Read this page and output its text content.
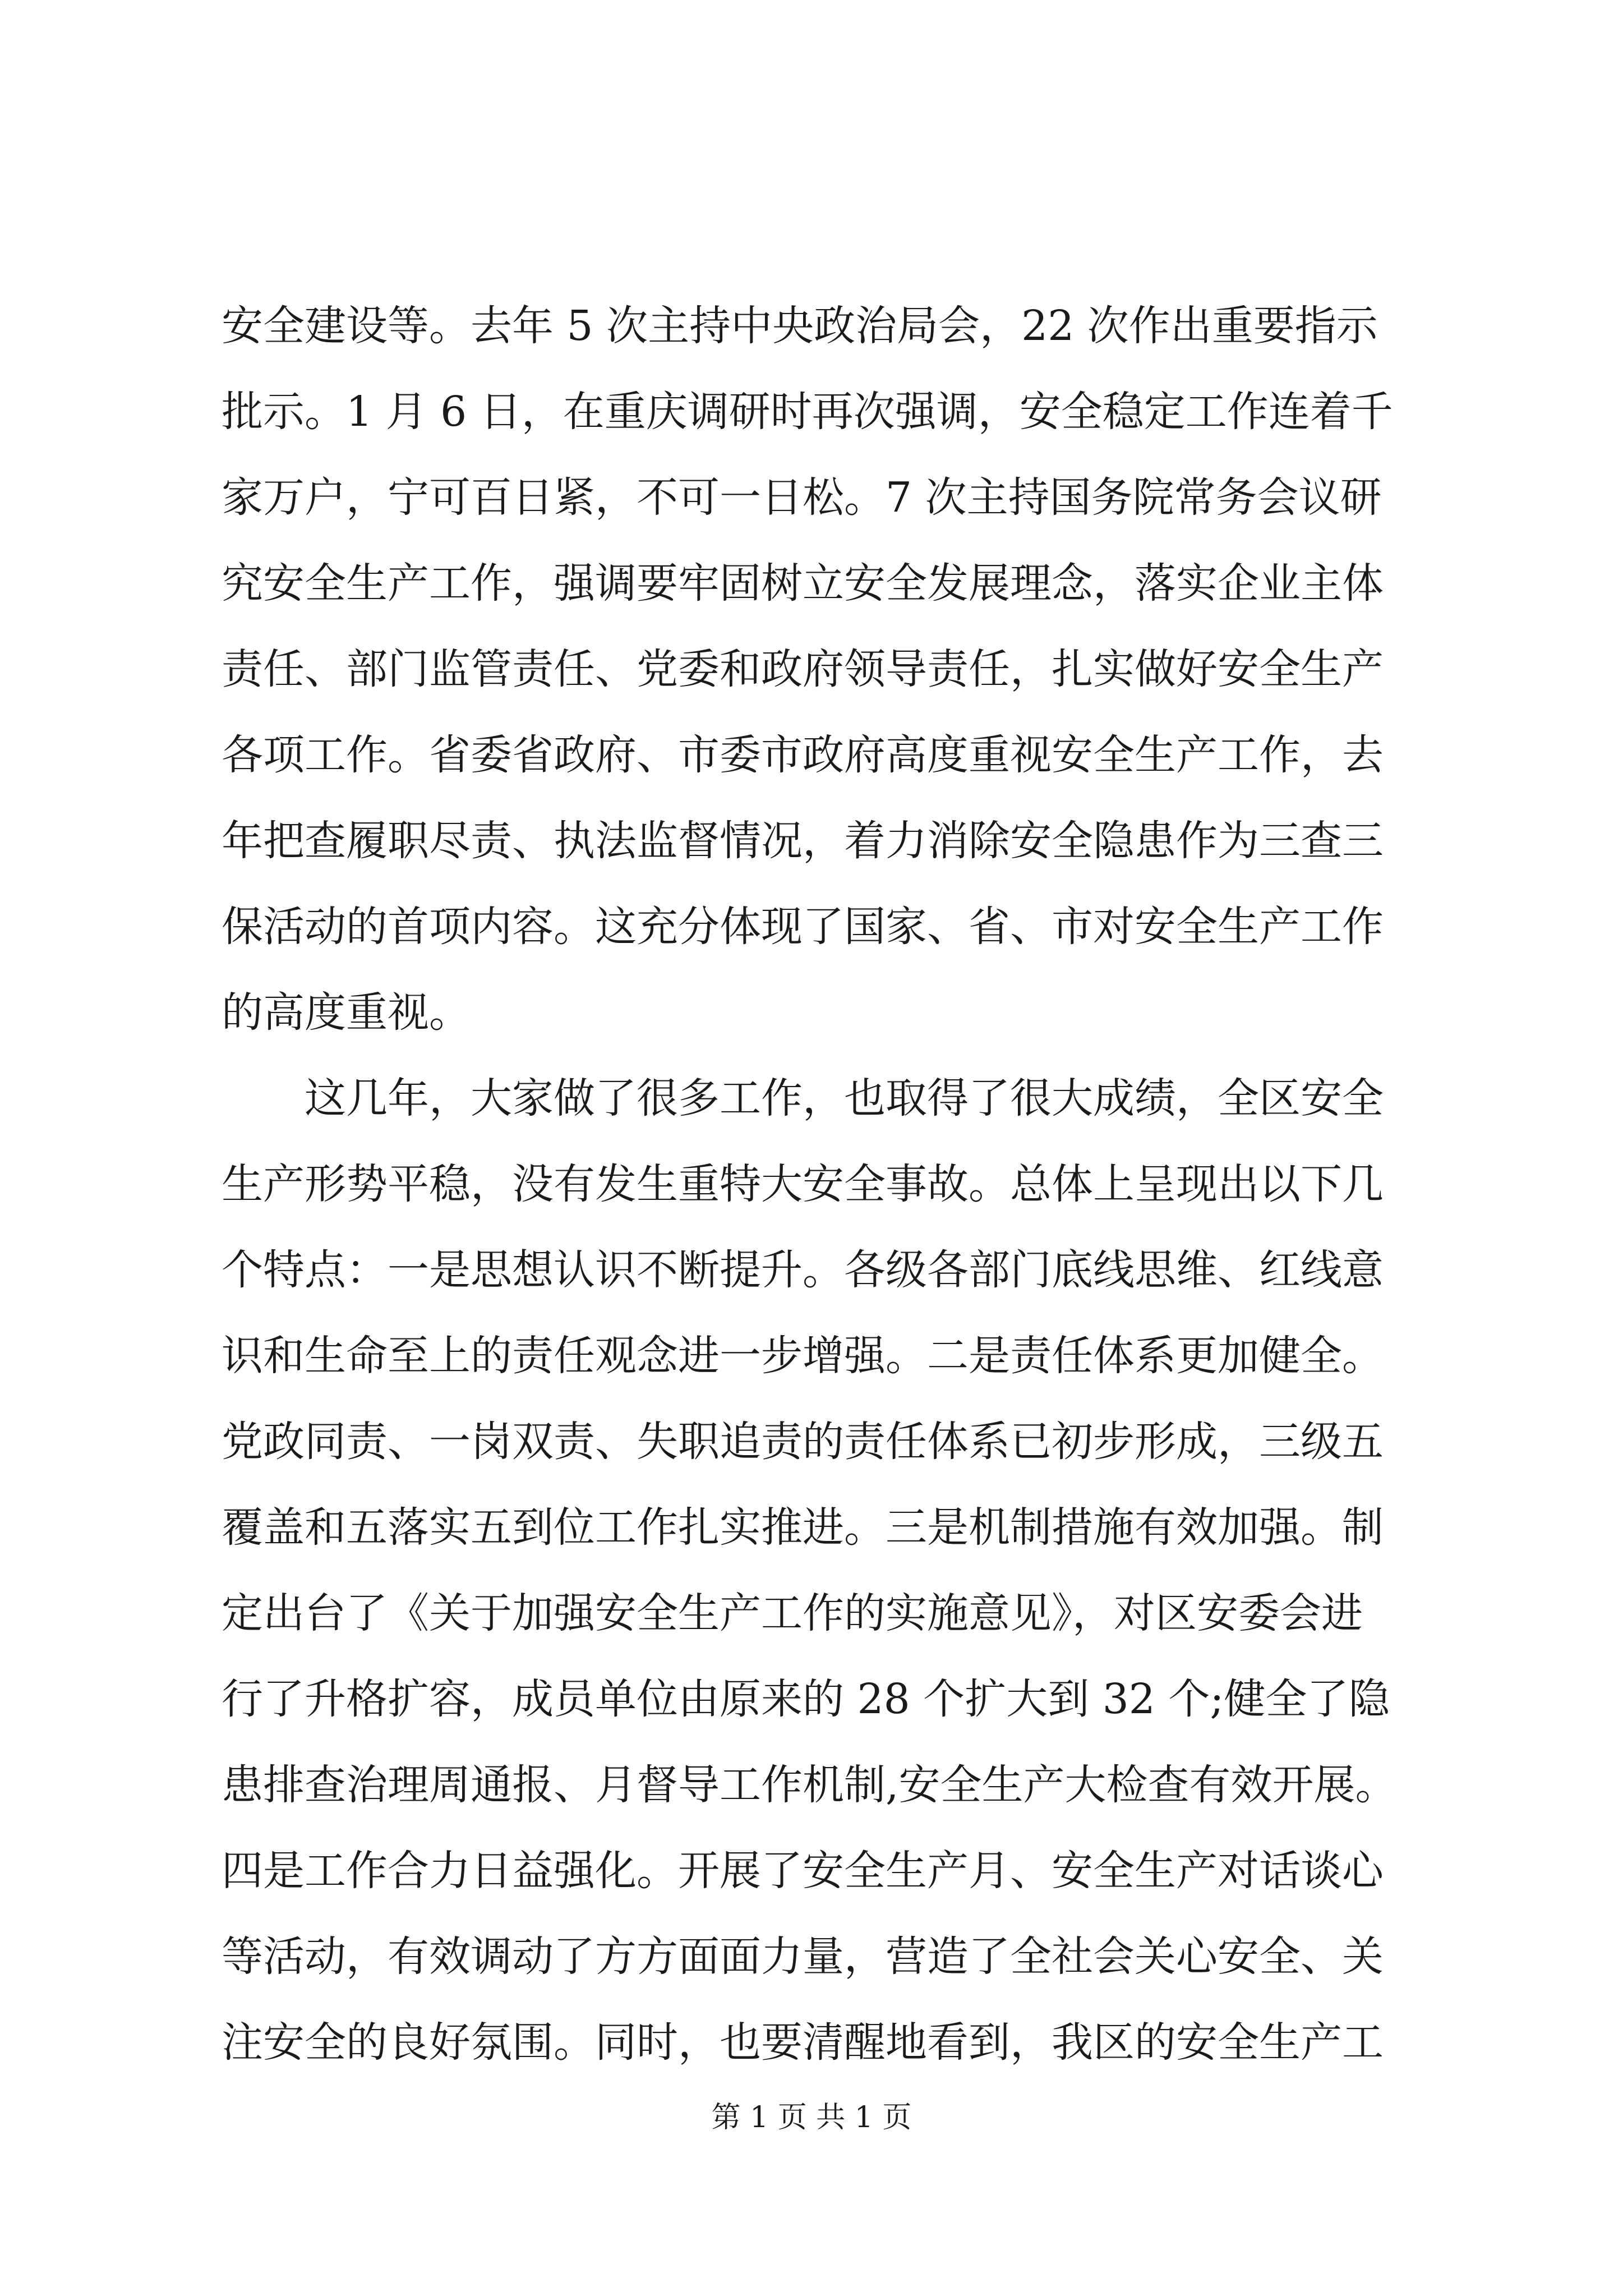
安全建设等。去年 5 次主持中央政治局会，22 次作出重要指示
批示。1 月 6 日，在重庆调研时再次强调，安全稳定工作连着千
家万户，宁可百日紧，不可一日松。7 次主持国务院常务会议研
究安全生产工作，强调要牢固树立安全发展理念，落实企业主体
责任、部门监管责任、党委和政府领导责任，扎实做好安全生产
各项工作。省委省政府、市委市政府高度重视安全生产工作，去
年把查履职尽责、执法监督情况，着力消除安全隐患作为三查三
保活动的首项内容。这充分体现了国家、省、市对安全生产工作
的高度重视。
这几年，大家做了很多工作，也取得了很大成绩，全区安全
生产形势平稳，没有发生重特大安全事故。总体上呈现出以下几
个特点：一是思想认识不断提升。各级各部门底线思维、红线意
识和生命至上的责任观念进一步增强。二是责任体系更加健全。
党政同责、一岗双责、失职追责的责任体系已初步形成，三级五
覆盖和五落实五到位工作扎实推进。三是机制措施有效加强。制
定出台了《关于加强安全生产工作的实施意见》，对区安委会进
行了升格扩容，成员单位由原来的 28 个扩大到 32 个;健全了隐
患排查治理周通报、月督导工作机制,安全生产大检查有效开展。
四是工作合力日益强化。开展了安全生产月、安全生产对话谈心
等活动，有效调动了方方面面力量，营造了全社会关心安全、关
注安全的良好氛围。同时，也要清醒地看到，我区的安全生产工
第 1 页 共 1 页
